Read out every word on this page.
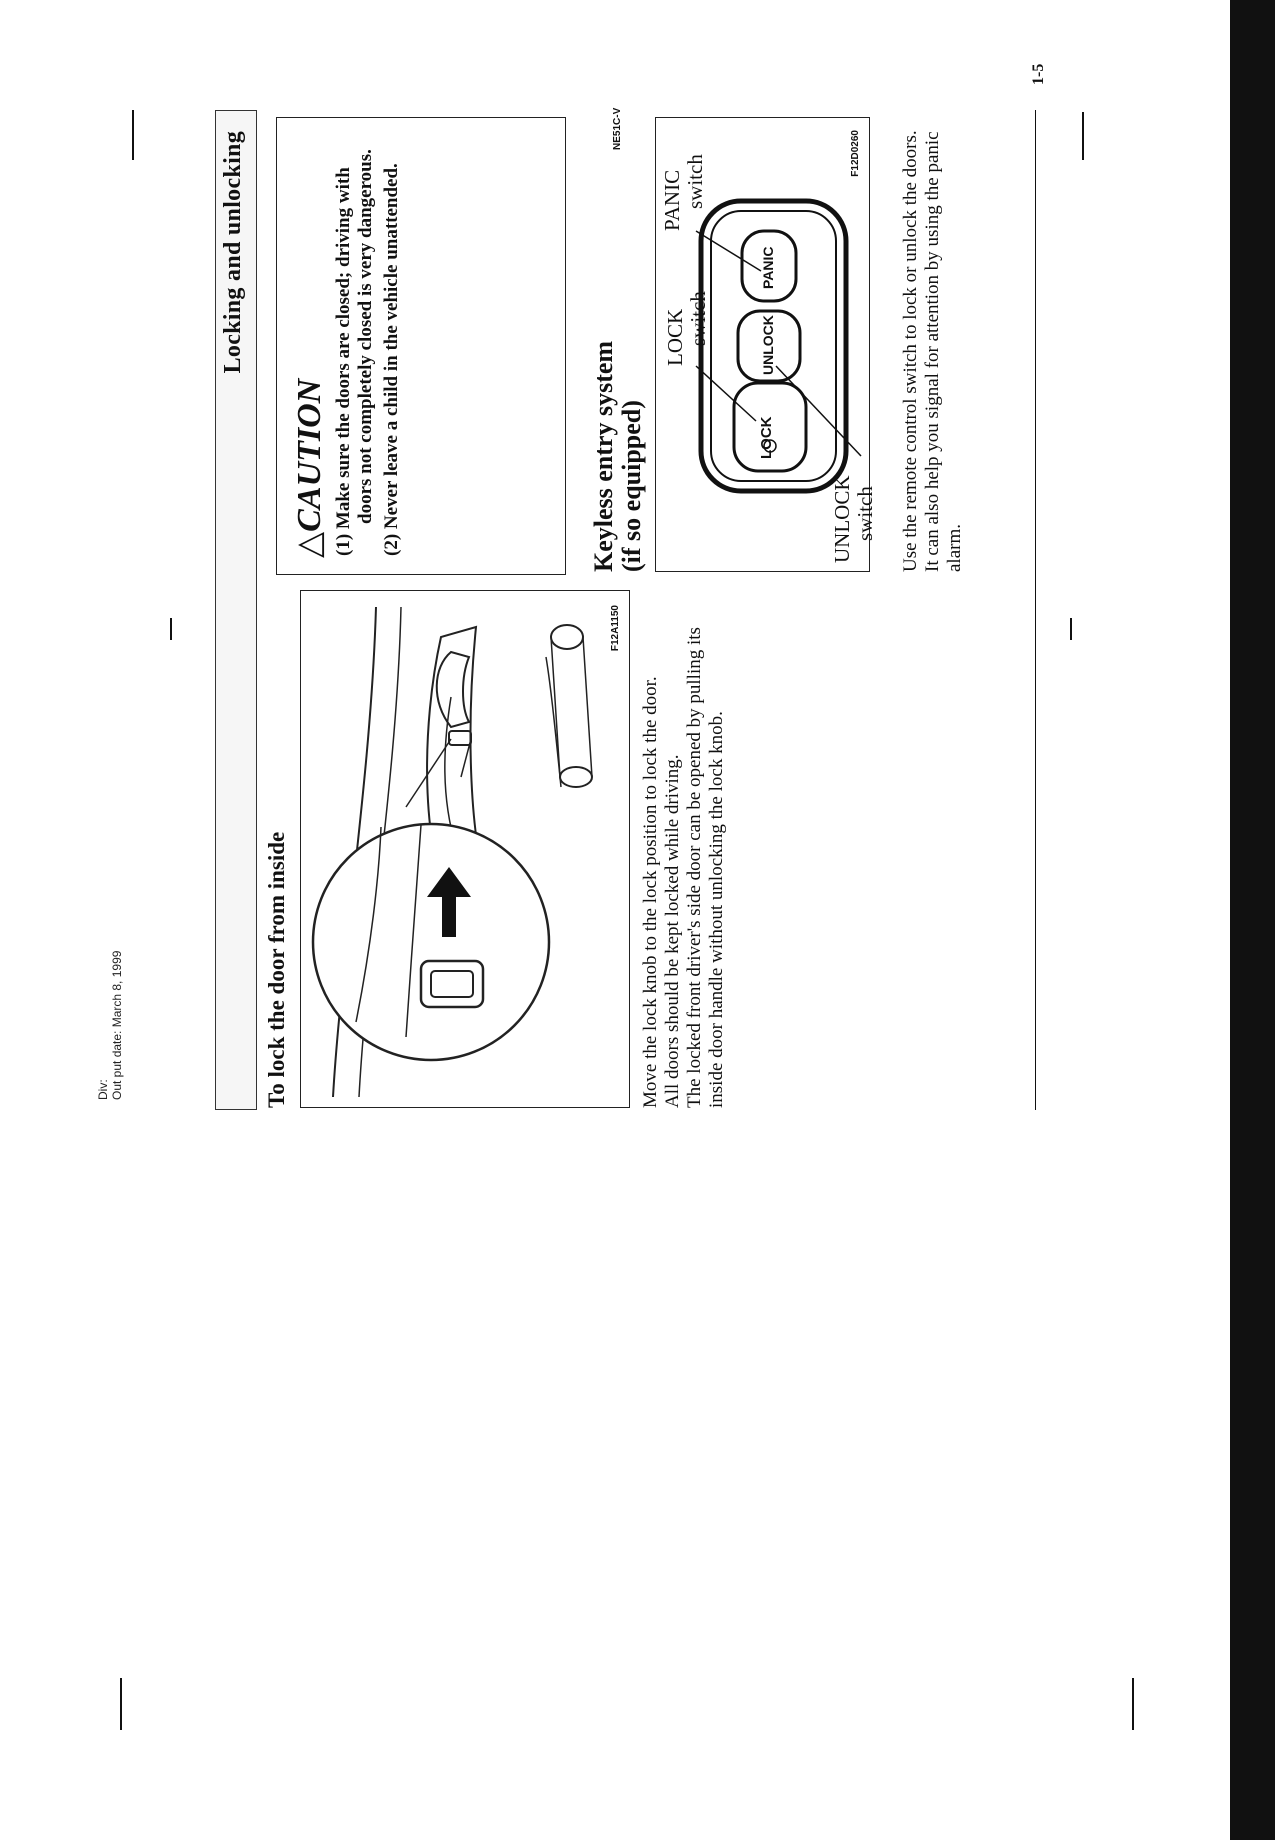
Div: Out put date: March 8, 1999
Locking and unlocking
To lock the door from inside
F12A1150
Move the lock knob to the lock position to lock the door. All doors should be kept locked while driving. The locked front driver's side door can be opened by pulling its inside door handle without unlocking the lock knob.
△CAUTION (1) Make sure the doors are closed; driving with doors not completely closed is very dangerous. (2) Never leave a child in the vehicle unattended.	Keyless entry system (if so equipped)
NE51C-V
LOCK switch
PANIC switch
UNLOCK switch
LOCK
UNLOCK
PANIC
F12D0260 Use the remote control switch to lock or unlock the doors. It can also help you signal for attention by using the panic alarm.
1-5
